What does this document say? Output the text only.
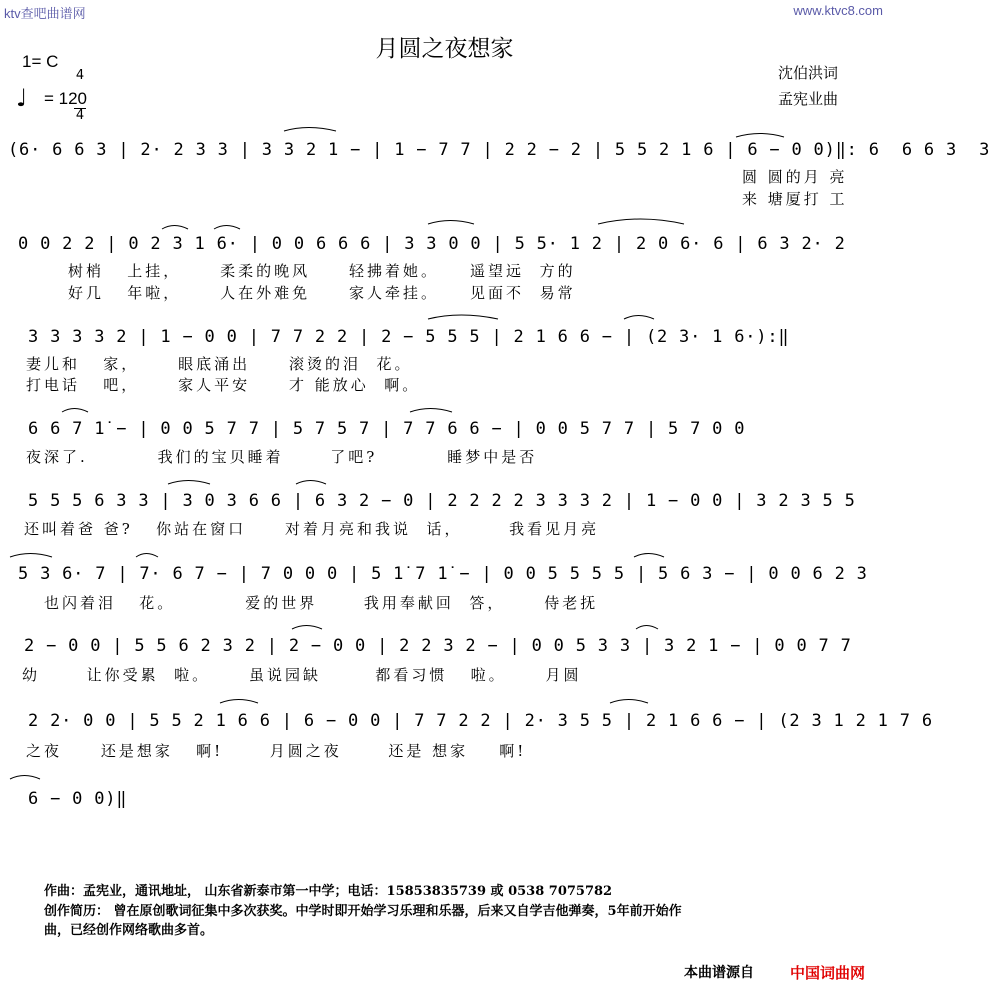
ktv查吧曲谱网	www.ktvc8.com
月圆之夜想家
1= C

$\frac{4}{4}$

♩ = 120
沈伯洪词
孟宪业曲
(6· 6 6 3 | 2· 2 3 3 | 3 3 2 1 − | 1 − 7 7 | 2 2 − 2 | 5 5 2 1 6 | 6 − 0 0)‖: 6  6 6 3  3
圆 圆的月 亮
来 塘厦打 工
0 0 2 2 | 0 2 3 1 6· | 0 0 6 6 6 | 3 3 0 0 | 5 5· 1 2 | 2 0 6· 6 | 6 3 2· 2
树梢   上挂，     柔柔的晚风     轻拂着她。    遥望远  方的
好几   年啦，     人在外难免     家人牵挂。    见面不  易常
3 3 3 3 2 | 1 − 0 0 | 7 7 2 2 | 2 − 5 5 5 | 2 1 6 6 − | (2 3· 1 6·):‖
妻儿和   家，     眼底涌出     滚烫的泪  花。
打电话   吧，     家人平安     才 能放心  啊。
6 6 7 1̇ − | 0 0 5 7 7 | 5 7 5 7 | 7 7 6 6 − | 0 0 5 7 7 | 5 7 0 0
夜深了.         我们的宝贝睡着      了吧?         睡梦中是否
5 5 5 6 3 3 | 3 0 3 6 6 | 6 3 2 − 0 | 2 2 2 2 3 3 3 2 | 1 − 0 0 | 3 2 3 5 5
还叫着爸 爸?   你站在窗口     对着月亮和我说  话，      我看见月亮
5 3 6· 7 | 7· 6 7 − | 7 0 0 0 | 5 1̇ 7 1̇ − | 0 0 5 5 5 5 | 5 6 3 − | 0 0 6 2 3
也闪着泪   花。         爱的世界      我用奉献回  答，     侍老抚
2 − 0 0 | 5 5 6 2 3 2 | 2 − 0 0 | 2 2 3 2 − | 0 0 5 3 3 | 3 2 1 − | 0 0 7 7
幼      让你受累  啦。     虽说园缺       都看习惯   啦。     月圆
2 2· 0 0 | 5 5 2 1 6 6 | 6 − 0 0 | 7 7 2 2 | 2· 3 5 5 | 2 1 6 6 − | (2 3 1 2 1 7 6
之夜     还是想家   啊!      月圆之夜      还是 想家    啊!
6 − 0 0)‖
作曲：孟宪业，通讯地址， 山东省新泰市第一中学；电话：15853835739 或 0538 7075782
创作简历： 曾在原创歌词征集中多次获奖。中学时即开始学习乐理和乐器，后来又自学吉他弹奏，5年前开始作
曲，已经创作网络歌曲多首。
本曲谱源自 中国词曲网
